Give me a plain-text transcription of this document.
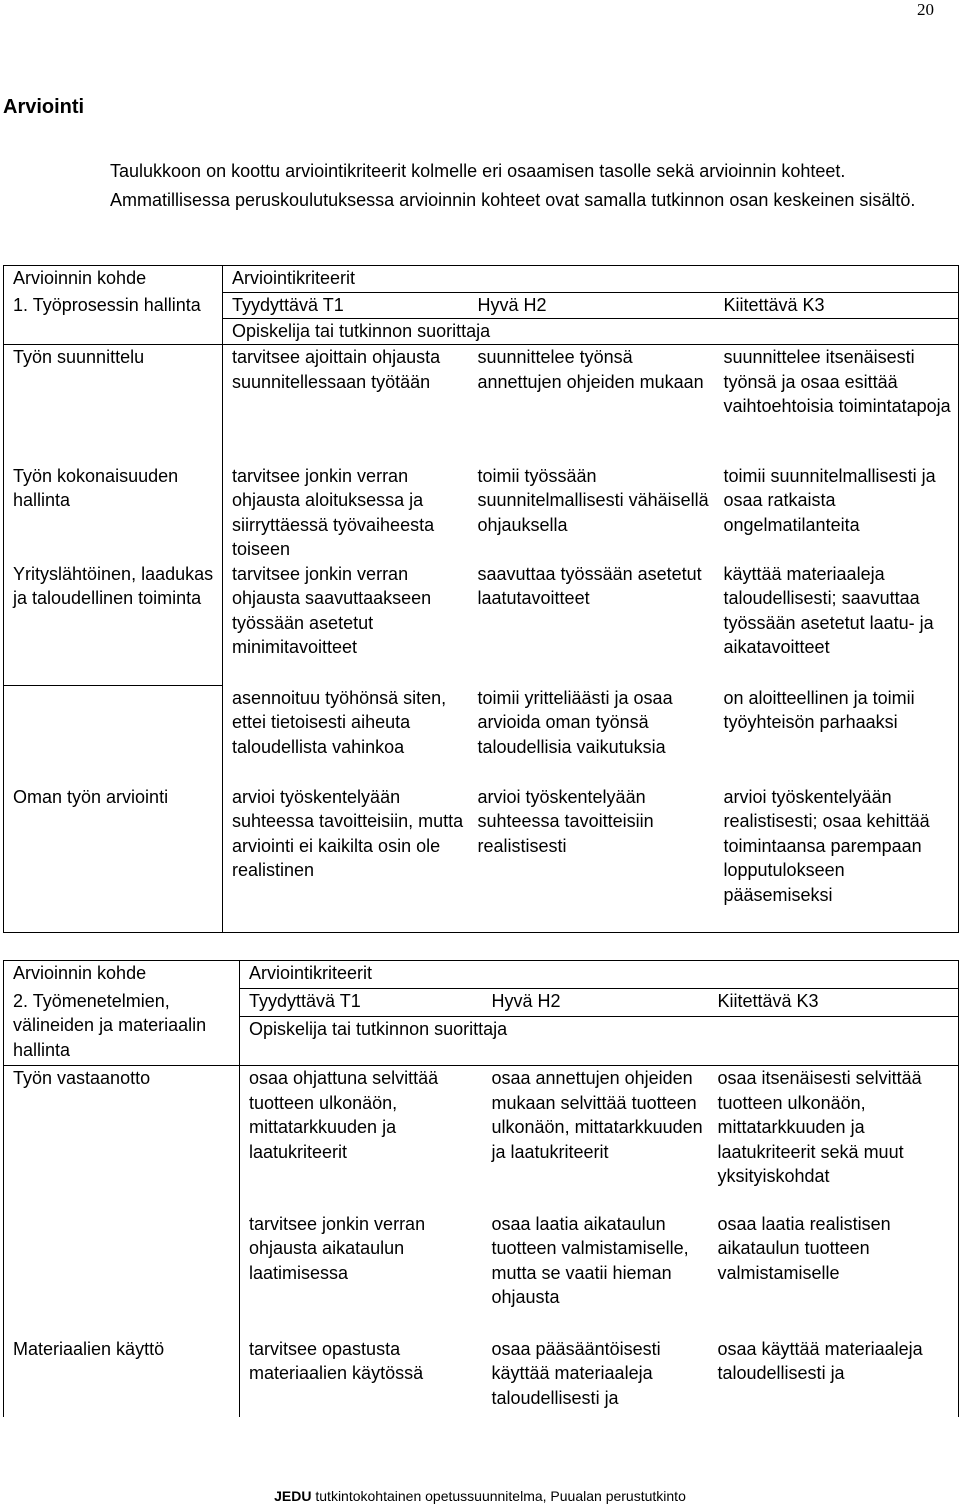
20
Arviointi
Taulukkoon on koottu arviointikriteerit kolmelle eri osaamisen tasolle sekä arvioinnin kohteet. Ammatillisessa peruskoulutuksessa arvioinnin kohteet ovat samalla tutkinnon osan keskeinen sisältö.
Arvioinnin kohde	Arviointikriteerit		
1. Työprosessin hallinta	Tyydyttävä T1	Hyvä H2	Kiitettävä K3
	Opiskelija tai tutkinnon suorittaja		
Työn suunnittelu	tarvitsee ajoittain ohjausta suunnitellessaan työtään	suunnittelee työnsä annettujen ohjeiden mukaan	suunnittelee itsenäisesti työnsä ja osaa esittää vaihtoehtoisia toimintatapoja
Työn kokonaisuuden hallinta	tarvitsee jonkin verran ohjausta aloituksessa ja siirryttäessä työvaiheesta toiseen	toimii työssään suunnitelmallisesti vähäisellä ohjauksella	toimii suunnitelmallisesti ja osaa ratkaista ongelmatilanteita
Yrityslähtöinen, laadukas ja taloudellinen toiminta	tarvitsee jonkin verran ohjausta saavuttaakseen työssään asetetut minimitavoitteet	saavuttaa työssään asetetut laatutavoitteet	käyttää materiaaleja taloudellisesti; saavuttaa työssään asetetut laatu- ja aikatavoitteet
	asennoituu työhönsä siten, ettei tietoisesti aiheuta taloudellista vahinkoa	toimii yritteliäästi ja osaa arvioida oman työnsä taloudellisia vaikutuksia	on aloitteellinen ja toimii työyhteisön parhaaksi
Oman työn arviointi	arvioi työskentelyään suhteessa tavoitteisiin, mutta arviointi ei kaikilta osin ole realistinen	arvioi työskentelyään suhteessa tavoitteisiin realistisesti	arvioi työskentelyään realistisesti; osaa kehittää toimintaansa parempaan lopputulokseen pääsemiseksi
Arvioinnin kohde	Arviointikriteerit		
2. Työmenetelmien, välineiden ja materiaalin hallinta	Tyydyttävä T1	Hyvä H2	Kiitettävä K3
	Opiskelija tai tutkinnon suorittaja		
Työn vastaanotto	osaa ohjattuna selvittää tuotteen ulkonäön, mittatarkkuuden ja laatukriteerit	osaa annettujen ohjeiden mukaan selvittää tuotteen ulkonäön, mittatarkkuuden ja laatukriteerit	osaa itsenäisesti selvittää tuotteen ulkonäön, mittatarkkuuden ja laatukriteerit sekä muut yksityiskohdat
	tarvitsee jonkin verran ohjausta aikataulun laatimisessa	osaa laatia aikataulun tuotteen valmistamiselle, mutta se vaatii hieman ohjausta	osaa laatia realistisen aikataulun tuotteen valmistamiselle
Materiaalien käyttö	tarvitsee opastusta materiaalien käytössä	osaa pääsääntöisesti käyttää materiaaleja taloudellisesti ja	osaa käyttää materiaaleja taloudellisesti ja
JEDU tutkintokohtainen opetussuunnitelma, Puualan perustutkinto
